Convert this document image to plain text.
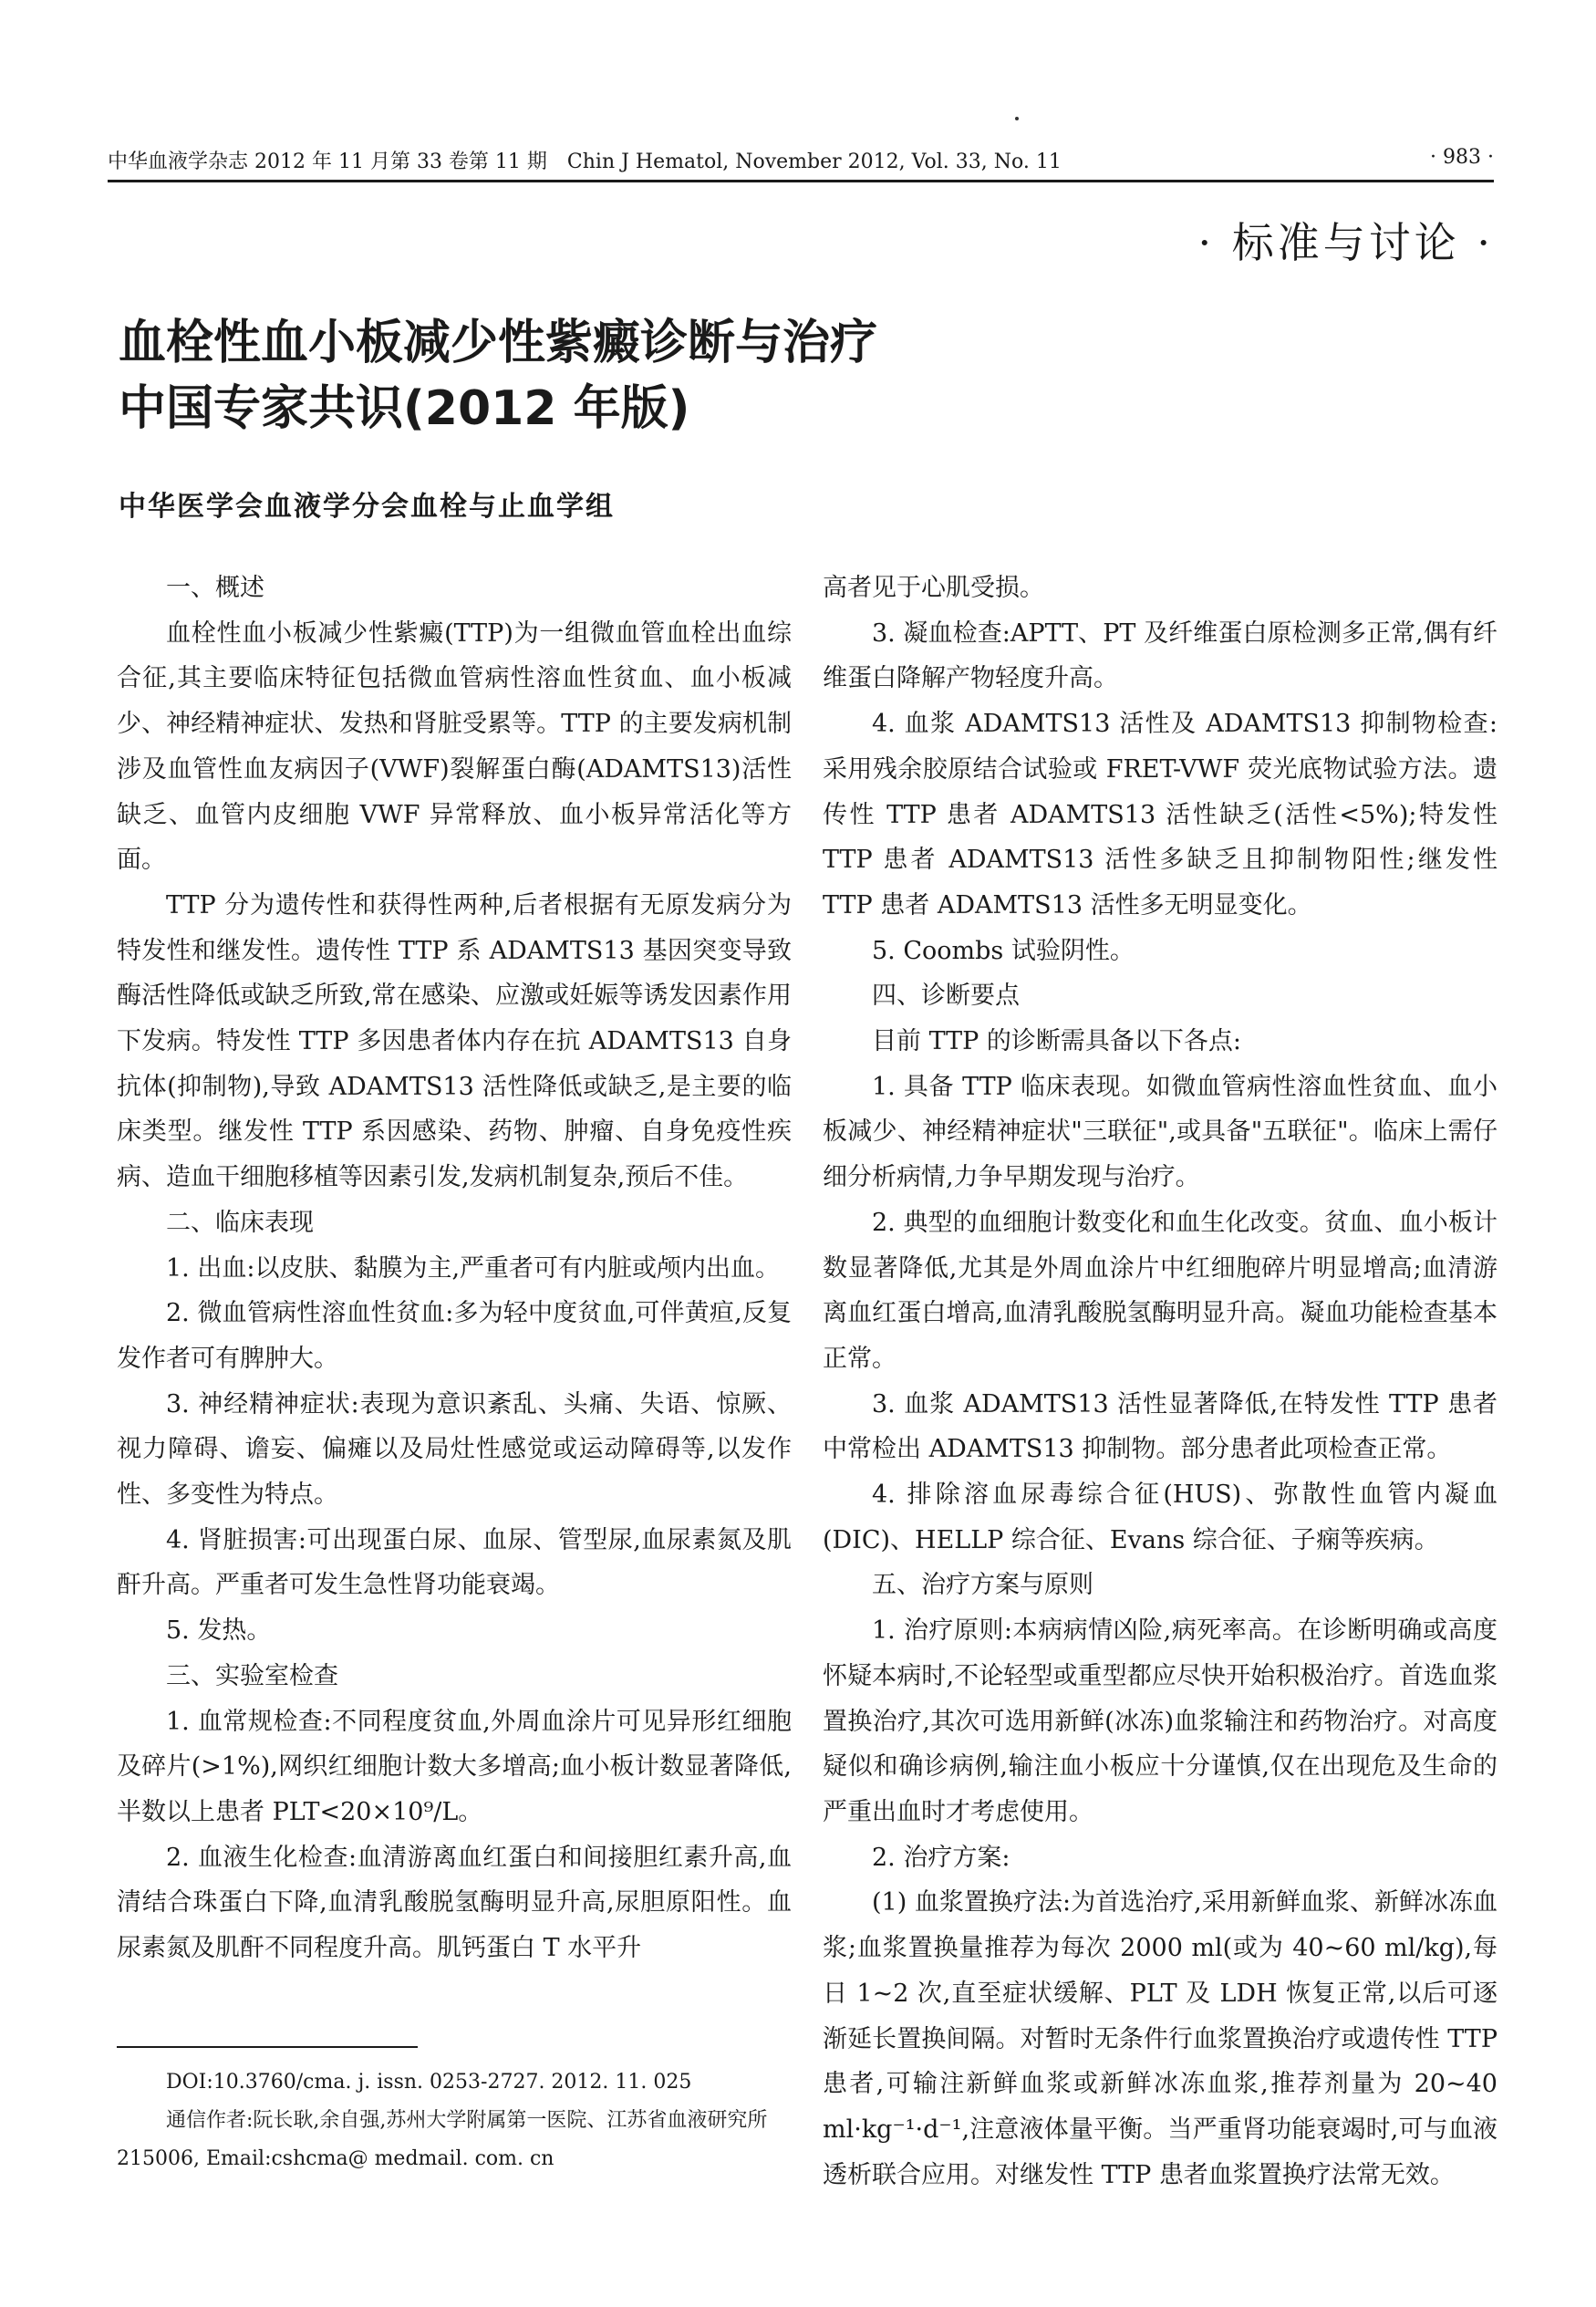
中华血液学杂志 2012 年 11 月第 33 卷第 11 期　Chin J Hematol, November 2012, Vol. 33, No. 11	· 983 ·
· 标准与讨论 ·
血栓性血小板减少性紫癜诊断与治疗
中国专家共识(2012 年版)
中华医学会血液学分会血栓与止血学组

一、概述

血栓性血小板减少性紫癜(TTP)为一组微血管血栓出血综合征,其主要临床特征包括微血管病性溶血性贫血、血小板减少、神经精神症状、发热和肾脏受累等。TTP 的主要发病机制涉及血管性血友病因子(VWF)裂解蛋白酶(ADAMTS13)活性缺乏、血管内皮细胞 VWF 异常释放、血小板异常活化等方面。

TTP 分为遗传性和获得性两种,后者根据有无原发病分为特发性和继发性。遗传性 TTP 系 ADAMTS13 基因突变导致酶活性降低或缺乏所致,常在感染、应激或妊娠等诱发因素作用下发病。特发性 TTP 多因患者体内存在抗 ADAMTS13 自身抗体(抑制物),导致 ADAMTS13 活性降低或缺乏,是主要的临床类型。继发性 TTP 系因感染、药物、肿瘤、自身免疫性疾病、造血干细胞移植等因素引发,发病机制复杂,预后不佳。

二、临床表现

1. 出血:以皮肤、黏膜为主,严重者可有内脏或颅内出血。

2. 微血管病性溶血性贫血:多为轻中度贫血,可伴黄疸,反复发作者可有脾肿大。

3. 神经精神症状:表现为意识紊乱、头痛、失语、惊厥、视力障碍、谵妄、偏瘫以及局灶性感觉或运动障碍等,以发作性、多变性为特点。

4. 肾脏损害:可出现蛋白尿、血尿、管型尿,血尿素氮及肌酐升高。严重者可发生急性肾功能衰竭。

5. 发热。

三、实验室检查

1. 血常规检查:不同程度贫血,外周血涂片可见异形红细胞及碎片(>1%),网织红细胞计数大多增高;血小板计数显著降低,半数以上患者 PLT<20×10⁹/L。

2. 血液生化检查:血清游离血红蛋白和间接胆红素升高,血清结合珠蛋白下降,血清乳酸脱氢酶明显升高,尿胆原阳性。血尿素氮及肌酐不同程度升高。肌钙蛋白 T 水平升

高者见于心肌受损。

3. 凝血检查:APTT、PT 及纤维蛋白原检测多正常,偶有纤维蛋白降解产物轻度升高。

4. 血浆 ADAMTS13 活性及 ADAMTS13 抑制物检查:采用残余胶原结合试验或 FRET-VWF 荧光底物试验方法。遗传性 TTP 患者 ADAMTS13 活性缺乏(活性<5%);特发性 TTP 患者 ADAMTS13 活性多缺乏且抑制物阳性;继发性 TTP 患者 ADAMTS13 活性多无明显变化。

5. Coombs 试验阴性。

四、诊断要点

目前 TTP 的诊断需具备以下各点:

1. 具备 TTP 临床表现。如微血管病性溶血性贫血、血小板减少、神经精神症状"三联征",或具备"五联征"。临床上需仔细分析病情,力争早期发现与治疗。

2. 典型的血细胞计数变化和血生化改变。贫血、血小板计数显著降低,尤其是外周血涂片中红细胞碎片明显增高;血清游离血红蛋白增高,血清乳酸脱氢酶明显升高。凝血功能检查基本正常。

3. 血浆 ADAMTS13 活性显著降低,在特发性 TTP 患者中常检出 ADAMTS13 抑制物。部分患者此项检查正常。

4. 排除溶血尿毒综合征(HUS)、弥散性血管内凝血(DIC)、HELLP 综合征、Evans 综合征、子痫等疾病。

五、治疗方案与原则

1. 治疗原则:本病病情凶险,病死率高。在诊断明确或高度怀疑本病时,不论轻型或重型都应尽快开始积极治疗。首选血浆置换治疗,其次可选用新鲜(冰冻)血浆输注和药物治疗。对高度疑似和确诊病例,输注血小板应十分谨慎,仅在出现危及生命的严重出血时才考虑使用。

2. 治疗方案:

(1) 血浆置换疗法:为首选治疗,采用新鲜血浆、新鲜冰冻血浆;血浆置换量推荐为每次 2000 ml(或为 40~60 ml/kg),每日 1~2 次,直至症状缓解、PLT 及 LDH 恢复正常,以后可逐渐延长置换间隔。对暂时无条件行血浆置换治疗或遗传性 TTP 患者,可输注新鲜血浆或新鲜冰冻血浆,推荐剂量为 20~40 ml·kg⁻¹·d⁻¹,注意液体量平衡。当严重肾功能衰竭时,可与血液透析联合应用。对继发性 TTP 患者血浆置换疗法常无效。

DOI:10.3760/cma. j. issn. 0253-2727. 2012. 11. 025

通信作者:阮长耿,余自强,苏州大学附属第一医院、江苏省血液研究所　215006, Email:cshcma@ medmail. com. cn
